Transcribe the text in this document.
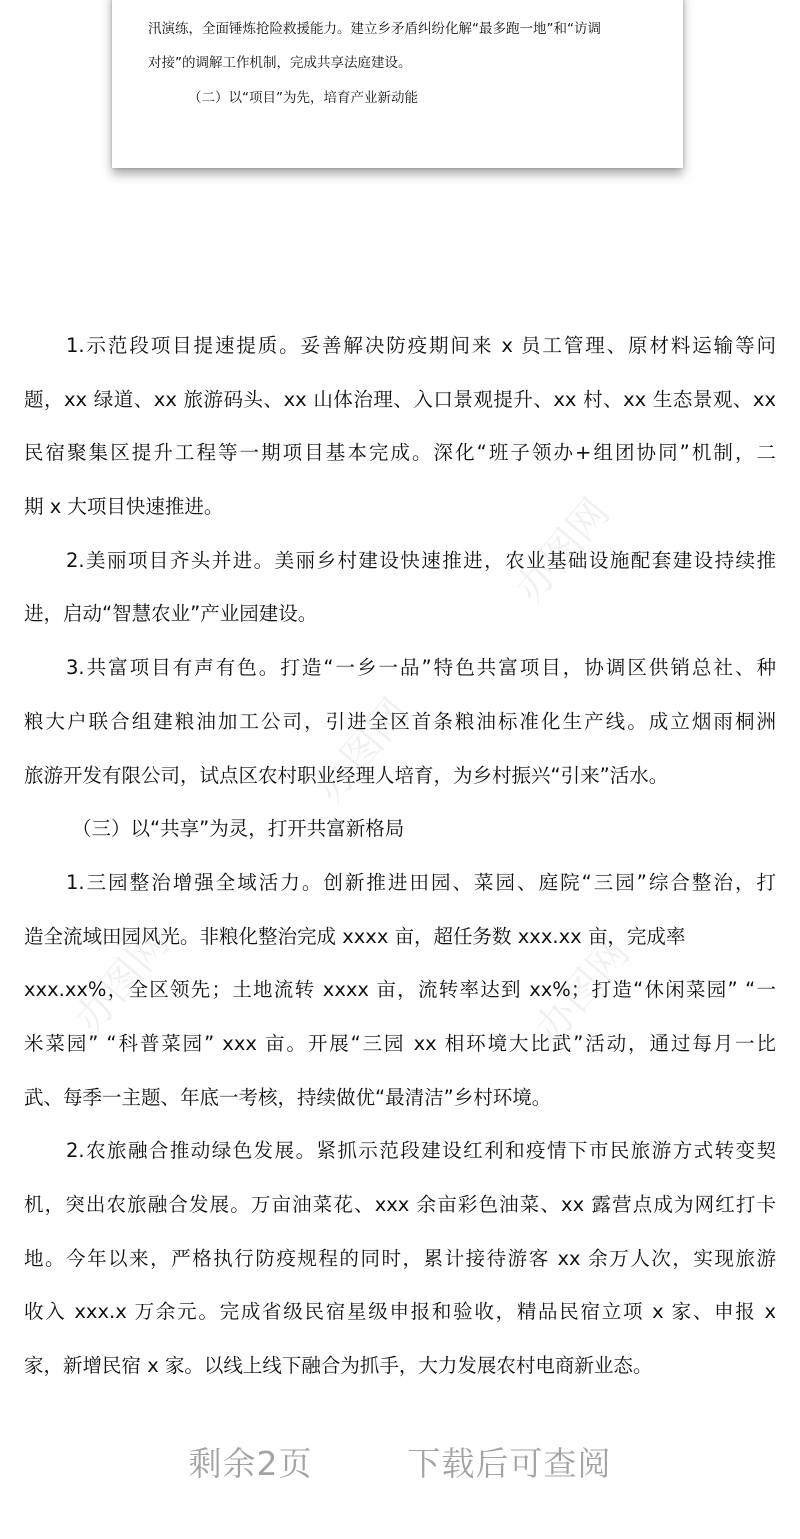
汛演练，全面锤炼抢险救援能力。建立乡矛盾纠纷化解“最多跑一地”和“访调
对接”的调解工作机制，完成共享法庭建设。
（二）以“项目”为先，培育产业新动能
办图网
办图网
办图网	办图网
1.示范段项目提速提质。妥善解决防疫期间来 x 员工管理、原材料运输等问
题，xx 绿道、xx 旅游码头、xx 山体治理、入口景观提升、xx 村、xx 生态景观、xx
民宿聚集区提升工程等一期项目基本完成。深化“班子领办+组团协同”机制，二
期 x 大项目快速推进。
2.美丽项目齐头并进。美丽乡村建设快速推进，农业基础设施配套建设持续推
进，启动“智慧农业”产业园建设。
3.共富项目有声有色。打造“一乡一品”特色共富项目，协调区供销总社、种
粮大户联合组建粮油加工公司，引进全区首条粮油标准化生产线。成立烟雨桐洲
旅游开发有限公司，试点区农村职业经理人培育，为乡村振兴“引来”活水。
（三）以“共享”为灵，打开共富新格局
1.三园整治增强全域活力。创新推进田园、菜园、庭院“三园”综合整治，打
造全流域田园风光。非粮化整治完成 xxxx 亩，超任务数 xxx.xx 亩，完成率
xxx.xx%，全区领先；土地流转 xxxx 亩，流转率达到 xx%；打造“休闲菜园” “一
米菜园” “科普菜园” xxx 亩。开展“三园 xx 相环境大比武”活动，通过每月一比
武、每季一主题、年底一考核，持续做优“最清洁”乡村环境。
2.农旅融合推动绿色发展。紧抓示范段建设红利和疫情下市民旅游方式转变契
机，突出农旅融合发展。万亩油菜花、xxx 余亩彩色油菜、xx 露营点成为网红打卡
地。今年以来，严格执行防疫规程的同时，累计接待游客 xx 余万人次，实现旅游
收入 xxx.x 万余元。完成省级民宿星级申报和验收，精品民宿立项 x 家、申报 x
家，新增民宿 x 家。以线上线下融合为抓手，大力发展农村电商新业态。
剩余2页	下载后可查阅
